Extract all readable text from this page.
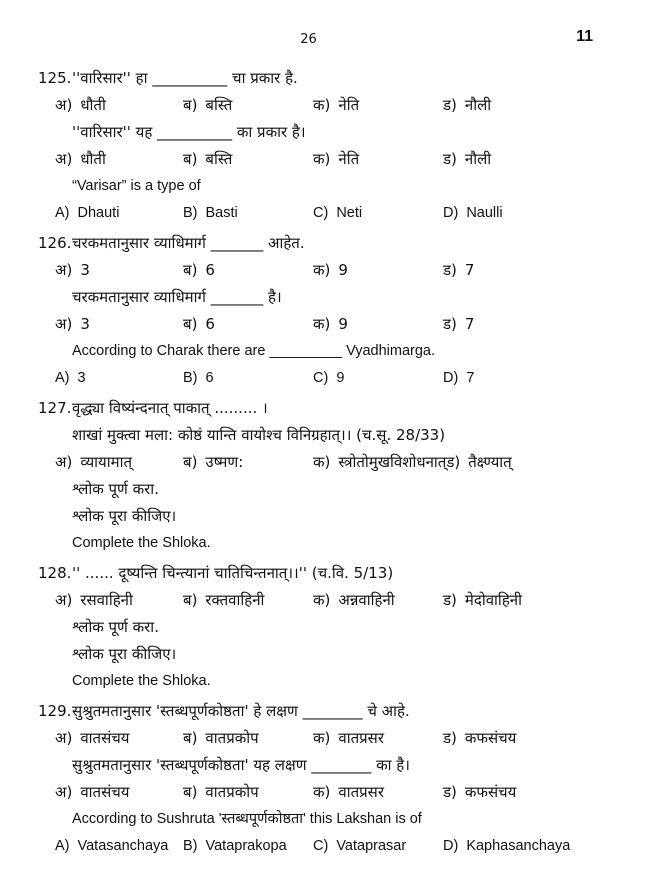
26	11
125. ''वारिसार'' हा __________ चा प्रकार है.
अ) धौती	ब) बस्ति	क) नेति	ड) नौली
''वारिसार'' यह __________ का प्रकार है।
अ) धौती	ब) बस्ति	क) नेति	ड) नौली
“Varisar” is a type of
A) Dhauti	B) Basti	C) Neti	D) Naulli
126. चरकमतानुसार व्याधिमार्ग _______ आहेत.
अ) 3	ब) 6	क) 9	ड) 7
चरकमतानुसार व्याधिमार्ग _______ है।
अ) 3	ब) 6	क) 9	ड) 7
According to Charak there are _________ Vyadhimarga.
A) 3	B) 6	C) 9	D) 7
127. वृद्ध्या विष्यंन्दनात् पाकात् ......... ।
शाखां मुक्त्वा मला: कोष्ठं यान्ति वायोश्च विनिग्रहात्।। (च.सू. 28/33)
अ) व्यायामात्	ब) उष्मण:	क) स्त्रोतोमुखविशोधनात् ड) तैक्ष्ण्यात्
श्लोक पूर्ण करा.
श्लोक पूरा कीजिए।
Complete the Shloka.
128. '' ...... दूष्यन्ति चिन्त्यानां चातिचिन्तनात्।।'' (च.वि. 5/13)
अ) रसवाहिनी	ब) रक्तवाहिनी	क) अन्नवाहिनी	ड) मेदोवाहिनी
श्लोक पूर्ण करा.
श्लोक पूरा कीजिए।
Complete the Shloka.
129. सुश्रुतमतानुसार 'स्तब्धपूर्णकोष्ठता' हे लक्षण ________ चे आहे.
अ) वातसंचय	ब) वातप्रकोप	क) वातप्रसर	ड) कफसंचय
सुश्रुतमतानुसार 'स्तब्धपूर्णकोष्ठता' यह लक्षण ________ का है।
अ) वातसंचय	ब) वातप्रकोप	क) वातप्रसर	ड) कफसंचय
According to Sushruta 'स्तब्धपूर्णकोष्ठता' this Lakshan is of
A) Vatasanchaya	B) Vataprakopa	C) Vataprasar	D) Kaphasanchaya
